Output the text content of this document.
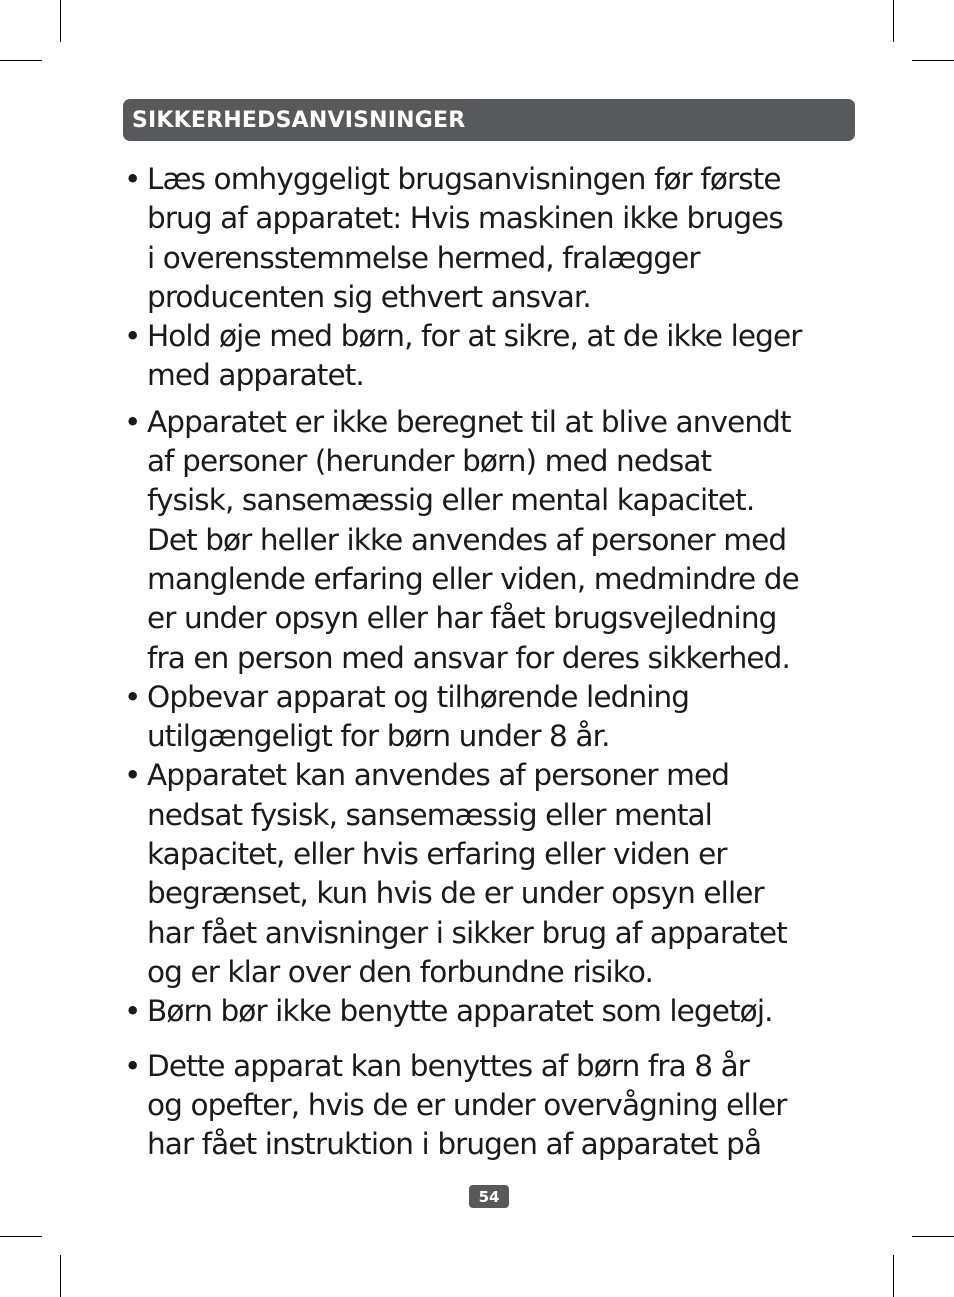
SIKKERHEDSANVISNINGER
• Læs omhyggeligt brugsanvisningen før første
brug af apparatet: Hvis maskinen ikke bruges
i overensstemmelse hermed, fralægger
producenten sig ethvert ansvar.
• Hold øje med børn, for at sikre, at de ikke leger
med apparatet.
• Apparatet er ikke beregnet til at blive anvendt
af personer (herunder børn) med nedsat
fysisk, sansemæssig eller mental kapacitet.
Det bør heller ikke anvendes af personer med
manglende erfaring eller viden, medmindre de
er under opsyn eller har fået brugsvejledning
fra en person med ansvar for deres sikkerhed.
• Opbevar apparat og tilhørende ledning
utilgængeligt for børn under 8 år.
• Apparatet kan anvendes af personer med
nedsat fysisk, sansemæssig eller mental
kapacitet, eller hvis erfaring eller viden er
begrænset, kun hvis de er under opsyn eller
har fået anvisninger i sikker brug af apparatet
og er klar over den forbundne risiko.
• Børn bør ikke benytte apparatet som legetøj.
• Dette apparat kan benyttes af børn fra 8 år
og opefter, hvis de er under overvågning eller
har fået instruktion i brugen af apparatet på
54
